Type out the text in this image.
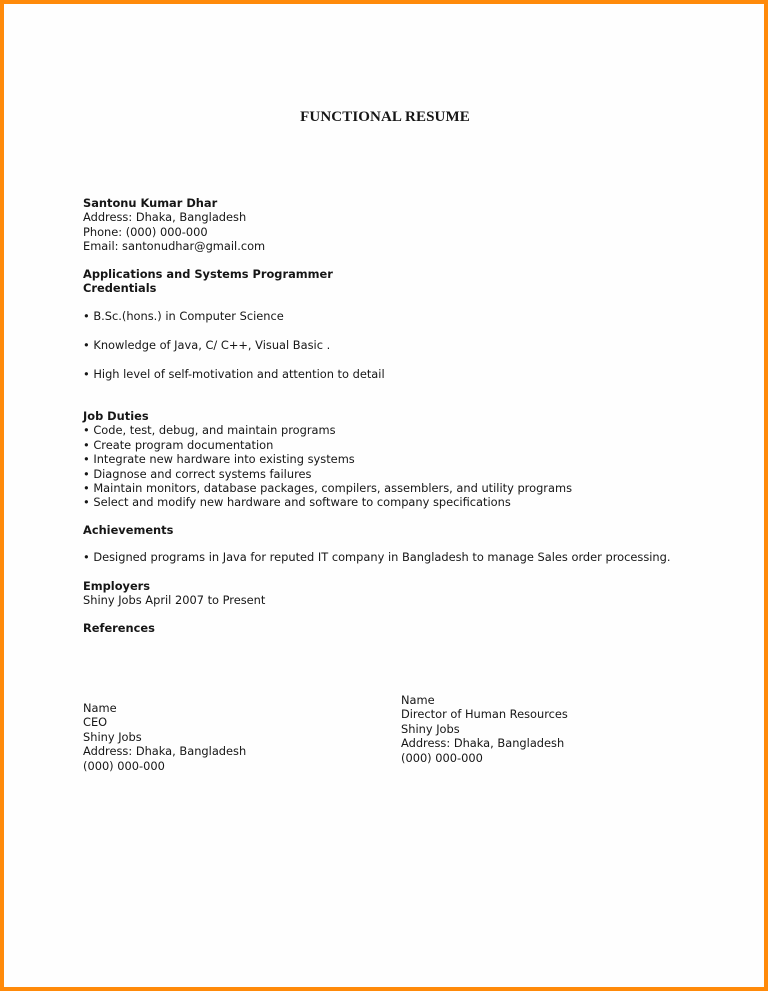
FUNCTIONAL RESUME
Santonu Kumar Dhar
Address: Dhaka, Bangladesh
Phone: (000) 000-000
Email: santonudhar@gmail.com
Applications and Systems Programmer
Credentials
• B.Sc.(hons.) in Computer Science
• Knowledge of Java, C/ C++, Visual Basic .
• High level of self-motivation and attention to detail
Job Duties
• Code, test, debug, and maintain programs
• Create program documentation
• Integrate new hardware into existing systems
• Diagnose and correct systems failures
• Maintain monitors, database packages, compilers, assemblers, and utility programs
• Select and modify new hardware and software to company specifications
Achievements
• Designed programs in Java for reputed IT company in Bangladesh to manage Sales order processing.
Employers
Shiny Jobs April 2007 to Present
References
Name
CEO
Shiny Jobs
Address: Dhaka, Bangladesh
(000) 000-000
Name
Director of Human Resources
Shiny Jobs
Address: Dhaka, Bangladesh
(000) 000-000
